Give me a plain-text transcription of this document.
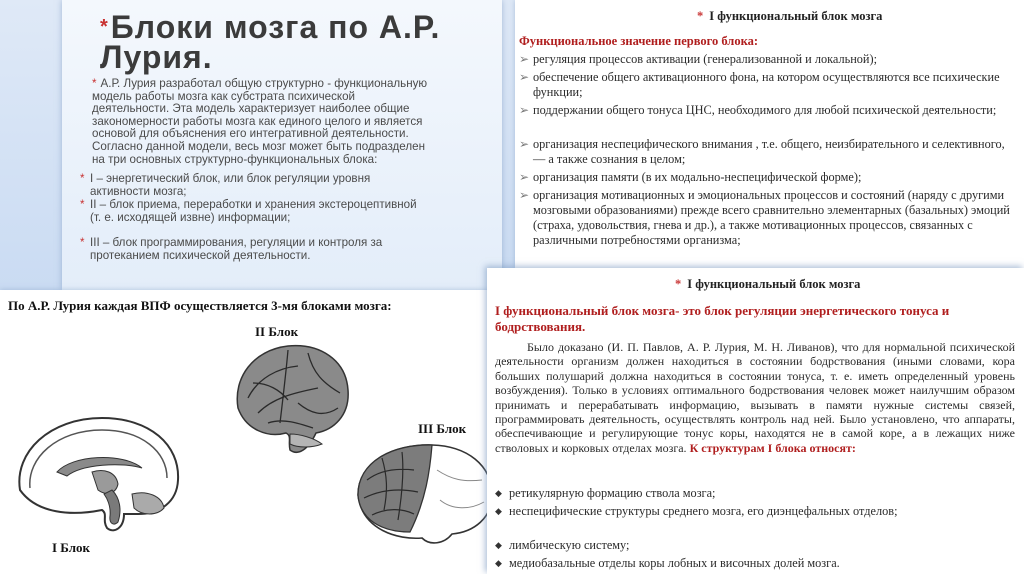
*Блоки мозга по А.Р. Лурия.
* А.Р. Лурия разработал общую структурно - функциональную модель работы мозга как субстрата психической деятельности. Эта модель характеризует наиболее общие закономерности работы мозга как единого целого и является основой для объяснения его интегративной деятельности. Согласно данной модели, весь мозг может быть подразделен на три основных структурно-функциональных блока:
* I – энергетический блок, или блок регуляции уровня активности мозга;
* II – блок приема, переработки и хранения экстероцептивной (т. е. исходящей извне) информации;
* III – блок программирования, регуляции и контроля за протеканием психической деятельности.
По А.Р. Лурия каждая ВПФ осуществляется 3-мя блоками мозга:
II Блок
III Блок
I Блок
* I функциональный блок мозга
Функциональное значение первого блока:
➢ регуляция процессов активации (генерализованной и локальной);
➢ обеспечение общего активационного фона, на котором осуществляются все психические функции;
➢ поддержании общего тонуса ЦНС, необходимого для любой психической деятельности;
➢ организация неспецифического внимания , т.е. общего, неизбирательного и селективного, — а также сознания в целом;
➢ организация памяти (в их модально-неспецифической форме);
➢ организация мотивационных и эмоциональных процессов и состояний (наряду с другими мозговыми образованиями) прежде всего сравнительно элементарных (базальных) эмоций (страха, удовольствия, гнева и др.), а также мотивационных процессов, связанных с различными потребностями организма;
* I функциональный блок мозга
I функциональный блок мозга- это блок регуляции энергетического тонуса и бодрствования.
Было доказано (И. П. Павлов, А. Р. Лурия, М. Н. Ливанов), что для нормальной психической деятельности организм должен находиться в состоянии бодрствования (иными словами, кора больших полушарий должна находиться в состоянии тонуса, т. е. иметь определенный уровень возбуждения). Только в условиях оптимального бодрствования человек может наилучшим образом принимать и перерабатывать информацию, вызывать в памяти нужные системы связей, программировать деятельность, осуществлять контроль над ней. Было установлено, что аппараты, обеспечивающие и регулирующие тонус коры, находятся не в самой коре, а в лежащих ниже стволовых и корковых отделах мозга. К структурам I блока относят:
◆ ретикулярную формацию ствола мозга;
◆ неспецифические структуры среднего мозга, его диэнцефальных отделов;
◆ лимбическую систему;
◆ медиобазальные отделы коры лобных и височных долей мозга.
